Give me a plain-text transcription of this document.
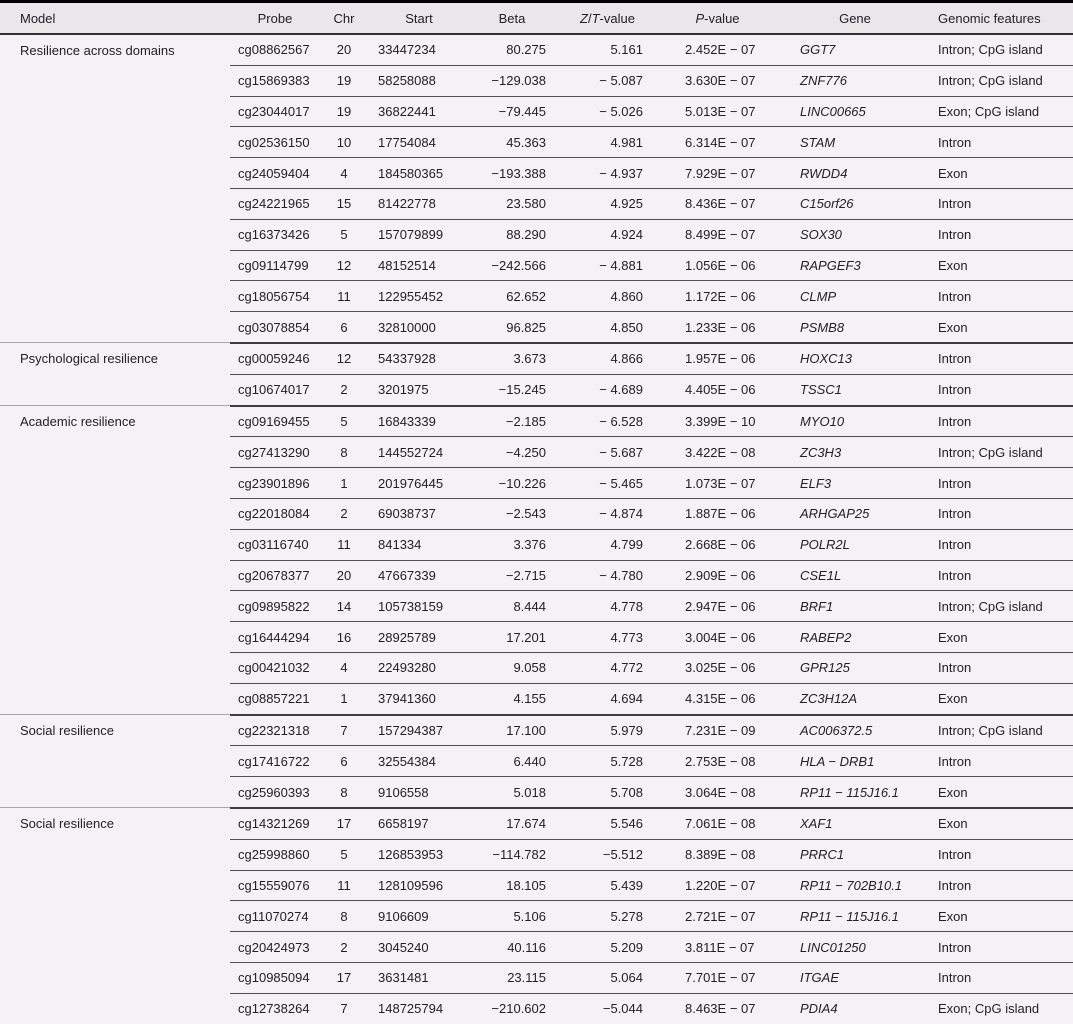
Model	Probe	Chr	Start	Beta	Z/T-value	P-value	Gene	Genomic features
Resilience across domains	cg08862567	20	33447234	80.275	5.161	2.452E − 07	GGT7	Intron; CpG island
	cg15869383	19	58258088	−129.038	− 5.087	3.630E − 07	ZNF776	Intron; CpG island
	cg23044017	19	36822441	−79.445	− 5.026	5.013E − 07	LINC00665	Exon; CpG island
	cg02536150	10	17754084	45.363	4.981	6.314E − 07	STAM	Intron
	cg24059404	4	184580365	−193.388	− 4.937	7.929E − 07	RWDD4	Exon
	cg24221965	15	81422778	23.580	4.925	8.436E − 07	C15orf26	Intron
	cg16373426	5	157079899	88.290	4.924	8.499E − 07	SOX30	Intron
	cg09114799	12	48152514	−242.566	− 4.881	1.056E − 06	RAPGEF3	Exon
	cg18056754	11	122955452	62.652	4.860	1.172E − 06	CLMP	Intron
	cg03078854	6	32810000	96.825	4.850	1.233E − 06	PSMB8	Exon
Psychological resilience	cg00059246	12	54337928	3.673	4.866	1.957E − 06	HOXC13	Intron
	cg10674017	2	3201975	−15.245	− 4.689	4.405E − 06	TSSC1	Intron
Academic resilience	cg09169455	5	16843339	−2.185	− 6.528	3.399E − 10	MYO10	Intron
	cg27413290	8	144552724	−4.250	− 5.687	3.422E − 08	ZC3H3	Intron; CpG island
	cg23901896	1	201976445	−10.226	− 5.465	1.073E − 07	ELF3	Intron
	cg22018084	2	69038737	−2.543	− 4.874	1.887E − 06	ARHGAP25	Intron
	cg03116740	11	841334	3.376	4.799	2.668E − 06	POLR2L	Intron
	cg20678377	20	47667339	−2.715	− 4.780	2.909E − 06	CSE1L	Intron
	cg09895822	14	105738159	8.444	4.778	2.947E − 06	BRF1	Intron; CpG island
	cg16444294	16	28925789	17.201	4.773	3.004E − 06	RABEP2	Exon
	cg00421032	4	22493280	9.058	4.772	3.025E − 06	GPR125	Intron
	cg08857221	1	37941360	4.155	4.694	4.315E − 06	ZC3H12A	Exon
Social resilience	cg22321318	7	157294387	17.100	5.979	7.231E − 09	AC006372.5	Intron; CpG island
	cg17416722	6	32554384	6.440	5.728	2.753E − 08	HLA − DRB1	Intron
	cg25960393	8	9106558	5.018	5.708	3.064E − 08	RP11 − 115J16.1	Exon
Social resilience	cg14321269	17	6658197	17.674	5.546	7.061E − 08	XAF1	Exon
	cg25998860	5	126853953	−114.782	−5.512	8.389E − 08	PRRC1	Intron
	cg15559076	11	128109596	18.105	5.439	1.220E − 07	RP11 − 702B10.1	Intron
	cg11070274	8	9106609	5.106	5.278	2.721E − 07	RP11 − 115J16.1	Exon
	cg20424973	2	3045240	40.116	5.209	3.811E − 07	LINC01250	Intron
	cg10985094	17	3631481	23.115	5.064	7.701E − 07	ITGAE	Intron
	cg12738264	7	148725794	−210.602	−5.044	8.463E − 07	PDIA4	Exon; CpG island
